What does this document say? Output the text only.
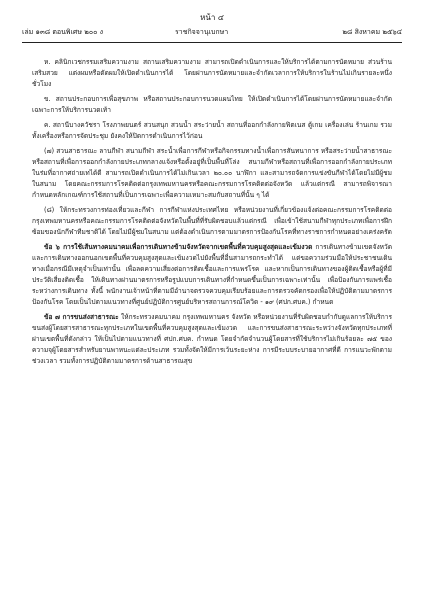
หน้า ๔
เล่ม ๑๓๘ ตอนพิเศษ ๒๐๐ ง	ราชกิจจานุเบกษา	๒๘ สิงหาคม ๒๕๖๔

ห. คลินิกเวชกรรมเสริมความงาม สถานเสริมความงาม สามารถเปิดดำเนินการและให้บริการได้ตามการนัดหมาย ส่วนร้านเสริมสวย แต่งผมหรือตัดผมให้เปิดดำเนินการได้ โดยผ่านการนัดหมายและจำกัดเวลาการให้บริการในร้านไม่เกินรายละหนึ่งชั่วโมง

ข. สถานประกอบการเพื่อสุขภาพ หรือสถานประกอบการนวดแผนไทย ให้เปิดดำเนินการได้โดยผ่านการนัดหมายและจำกัดเฉพาะการให้บริการนวดเท้า

ค. สถานีบางควัชรา โรงภาพยนตร์ สวนสนุก สวนน้ำ สระว่ายน้ำ สถานที่ออกกำลังกายฟิตเนส ตู้เกม เครื่องเล่น ร้านเกม รวมทั้งเครื่องหรือการจัดประชุม ยังคงให้ปิดการดำเนินการไว้ก่อน

(๗) สวนสาธารณะ ลานกีฬา สนามกีฬา สระน้ำเพื่อการกีฬาหรือกิจกรรมทางน้ำเพื่อการสันทนาการ หรือสระว่ายน้ำสาธารณะ หรือสถานที่เพื่อการออกกำลังกายประเภทกลางแจ้งหรือตั้งอยู่ที่เป็นพื้นที่โล่ง สนามกีฬาหรือสถานที่เพื่อการออกกำลังกายประเภทในร่มที่อากาศถ่ายเทได้ดี สามารถเปิดดำเนินการได้ไม่เกินเวลา ๒๐.๐๐ นาฬิกา และสามารถจัดการแข่งขันกีฬาได้โดยไม่มีผู้ชมในสนาม โดยคณะกรรมการโรคติดต่อกรุงเทพมหานครหรือคณะกรรมการโรคติดต่อจังหวัด แล้วแต่กรณี สามารถพิจารณากำหนดหลักเกณฑ์การใช้สถานที่เป็นการเฉพาะเพื่อความเหมาะสมกับสถานที่นั้น ๆ ได้

(๘) ให้กระทรวงการท่องเที่ยวและกีฬา การกีฬาแห่งประเทศไทย หรือหน่วยงานที่เกี่ยวข้องแจ้งต่อคณะกรรมการโรคติดต่อกรุงเทพมหานครหรือคณะกรรมการโรคติดต่อจังหวัดในพื้นที่ที่รับผิดชอบแล้วแต่กรณี เพื่อเข้าใช้สนามกีฬาทุกประเภทเพื่อการฝึกซ้อมของนักกีฬาทีมชาติได้ โดยไม่มีผู้ชมในสนาม แต่ต้องดำเนินการตามมาตรการป้องกันโรคที่ทางราชการกำหนดอย่างเคร่งครัด

ข้อ ๖ การใช้เส้นทางคมนาคมเพื่อการเดินทางข้ามจังหวัดจากเขตพื้นที่ควบคุมสูงสุดและเข้มงวด การเดินทางข้ามเขตจังหวัดและการเดินทางออกนอกเขตพื้นที่ควบคุมสูงสุดและเข้มงวดไปยังพื้นที่อื่นสามารถกระทำได้ แต่ขอความร่วมมือให้ประชาชนเดินทางเมื่อกรณีมีเหตุจำเป็นเท่านั้น เพื่อลดความเสี่ยงต่อการติดเชื้อและการแพร่โรค และหากเป็นการเดินทางของผู้ติดเชื้อหรือผู้ที่มีประวัติเสี่ยงติดเชื้อ ให้เดินทางผ่านมาตรการหรือรูปแบบการเดินทางที่กำหนดขึ้นเป็นการเฉพาะเท่านั้น เพื่อป้องกันการแพร่เชื้อระหว่างการเดินทาง ทั้งนี้ พนักงานเจ้าหน้าที่ตามมีอำนาจตรวจควบคุมเรียบร้อยและการตรวจคัดกรองเพื่อให้ปฏิบัติตามมาตรการป้องกันโรค โดยเป็นไปตามแนวทางที่ศูนย์ปฏิบัติการศูนย์บริหารสถานการณ์โควิด - ๑๙ (ศปก.ศบค.) กำหนด

ข้อ ๗ การขนส่งสาธารณะ ให้กระทรวงคมนาคม กรุงเทพมหานคร จังหวัด หรือหน่วยงานที่รับผิดชอบกำกับดูแลการให้บริการขนส่งผู้โดยสารสาธารณะทุกประเภทในเขตพื้นที่ควบคุมสูงสุดและเข้มงวด และการขนส่งสาธารณะระหว่างจังหวัดทุกประเภทที่ผ่านเขตพื้นที่ดังกล่าว ให้เป็นไปตามแนวทางที่ ศปก.ศบค. กำหนด โดยจำกัดจำนวนผู้โดยสารที่ใช้บริการไม่เกินร้อยละ ๗๕ ของความจุผู้โดยสารสำหรับยานพาหนะแต่ละประเภท รวมทั้งจัดให้มีการเว้นระยะห่าง การมีระบบระบายอากาศที่ดี การแนวะพักตามช่วงเวลา รวมทั้งการปฏิบัติตามมาตรการด้านสาธารณสุข
